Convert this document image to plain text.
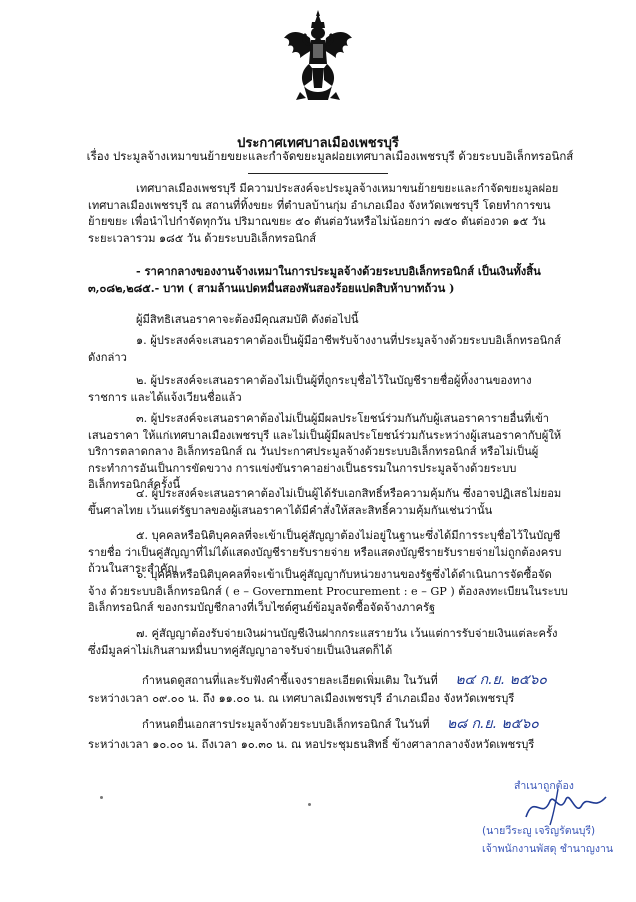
ประกาศเทศบาลเมืองเพชรบุรี
เรื่อง ประมูลจ้างเหมาขนย้ายขยะและกำจัดขยะมูลฝอยเทศบาลเมืองเพชรบุรี ด้วยระบบอิเล็กทรอนิกส์
เทศบาลเมืองเพชรบุรี มีความประสงค์จะประมูลจ้างเหมาขนย้ายขยะและกำจัดขยะมูลฝอย เทศบาลเมืองเพชรบุรี ณ สถานที่ทิ้งขยะ ที่ตำบลบ้านกุ่ม อำเภอเมือง จังหวัดเพชรบุรี โดยทำการขนย้ายขยะ เพื่อนำไปกำจัดทุกวัน ปริมาณขยะ ๕๐ ตันต่อวันหรือไม่น้อยกว่า ๗๕๐ ตันต่องวด ๑๕ วัน ระยะเวลารวม ๑๘๕ วัน ด้วยระบบอิเล็กทรอนิกส์
- ราคากลางของงานจ้างเหมาในการประมูลจ้างด้วยระบบอิเล็กทรอนิกส์ เป็นเงินทั้งสิ้น ๓,๐๘๒,๒๘๕.- บาท ( สามล้านแปดหมื่นสองพันสองร้อยแปดสิบห้าบาทถ้วน )
ผู้มีสิทธิเสนอราคาจะต้องมีคุณสมบัติ ดังต่อไปนี้
๑. ผู้ประสงค์จะเสนอราคาต้องเป็นผู้มีอาชีพรับจ้างงานที่ประมูลจ้างด้วยระบบอิเล็กทรอนิกส์ ดังกล่าว
๒. ผู้ประสงค์จะเสนอราคาต้องไม่เป็นผู้ที่ถูกระบุชื่อไว้ในบัญชีรายชื่อผู้ทิ้งงานของทางราชการ และได้แจ้งเวียนชื่อแล้ว
๓. ผู้ประสงค์จะเสนอราคาต้องไม่เป็นผู้มีผลประโยชน์ร่วมกันกับผู้เสนอราคารายอื่นที่เข้าเสนอราคา ให้แก่เทศบาลเมืองเพชรบุรี และไม่เป็นผู้มีผลประโยชน์ร่วมกันระหว่างผู้เสนอราคากับผู้ให้บริการตลาดกลาง อิเล็กทรอนิกส์ ณ วันประกาศประมูลจ้างด้วยระบบอิเล็กทรอนิกส์ หรือไม่เป็นผู้กระทำการอันเป็นการขัดขวาง การแข่งขันราคาอย่างเป็นธรรมในการประมูลจ้างด้วยระบบอิเล็กทรอนิกส์ครั้งนี้
๔. ผู้ประสงค์จะเสนอราคาต้องไม่เป็นผู้ได้รับเอกสิทธิ์หรือความคุ้มกัน ซึ่งอาจปฏิเสธไม่ยอม ขึ้นศาลไทย เว้นแต่รัฐบาลของผู้เสนอราคาได้มีคำสั่งให้สละสิทธิ์ความคุ้มกันเช่นว่านั้น
๕. บุคคลหรือนิติบุคคลที่จะเข้าเป็นคู่สัญญาต้องไม่อยู่ในฐานะซึ่งได้มีการระบุชื่อไว้ในบัญชีรายชื่อ ว่าเป็นคู่สัญญาที่ไม่ได้แสดงบัญชีรายรับรายจ่าย หรือแสดงบัญชีรายรับรายจ่ายไม่ถูกต้องครบถ้วนในสาระสำคัญ
๖. บุคคลหรือนิติบุคคลที่จะเข้าเป็นคู่สัญญากับหน่วยงานของรัฐซึ่งได้ดำเนินการจัดซื้อจัดจ้าง ด้วยระบบอิเล็กทรอนิกส์ ( e – Government Procurement : e – GP ) ต้องลงทะเบียนในระบบอิเล็กทรอนิกส์ ของกรมบัญชีกลางที่เว็บไซต์ศูนย์ข้อมูลจัดซื้อจัดจ้างภาครัฐ
๗. คู่สัญญาต้องรับจ่ายเงินผ่านบัญชีเงินฝากกระแสรายวัน เว้นแต่การรับจ่ายเงินแต่ละครั้ง ซึ่งมีมูลค่าไม่เกินสามหมื่นบาทคู่สัญญาอาจรับจ่ายเป็นเงินสดก็ได้
กำหนดดูสถานที่และรับฟังคำชี้แจงรายละเอียดเพิ่มเติม ในวันที่ ๒๔ ก.ย. ๒๕๖๐
ระหว่างเวลา ๐๙.๐๐ น. ถึง ๑๑.๐๐ น. ณ เทศบาลเมืองเพชรบุรี อำเภอเมือง จังหวัดเพชรบุรี
กำหนดยื่นเอกสารประมูลจ้างด้วยระบบอิเล็กทรอนิกส์ ในวันที่ ๒๘ ก.ย. ๒๕๖๐
ระหว่างเวลา ๑๐.๐๐ น. ถึงเวลา ๑๐.๓๐ น. ณ หอประชุมธนสิทธิ์ ข้างศาลากลางจังหวัดเพชรบุรี
สำเนาถูกต้อง
(นายวีระญู เจริญรัตนบุรี)
เจ้าพนักงานพัสดุ ชำนาญงาน
